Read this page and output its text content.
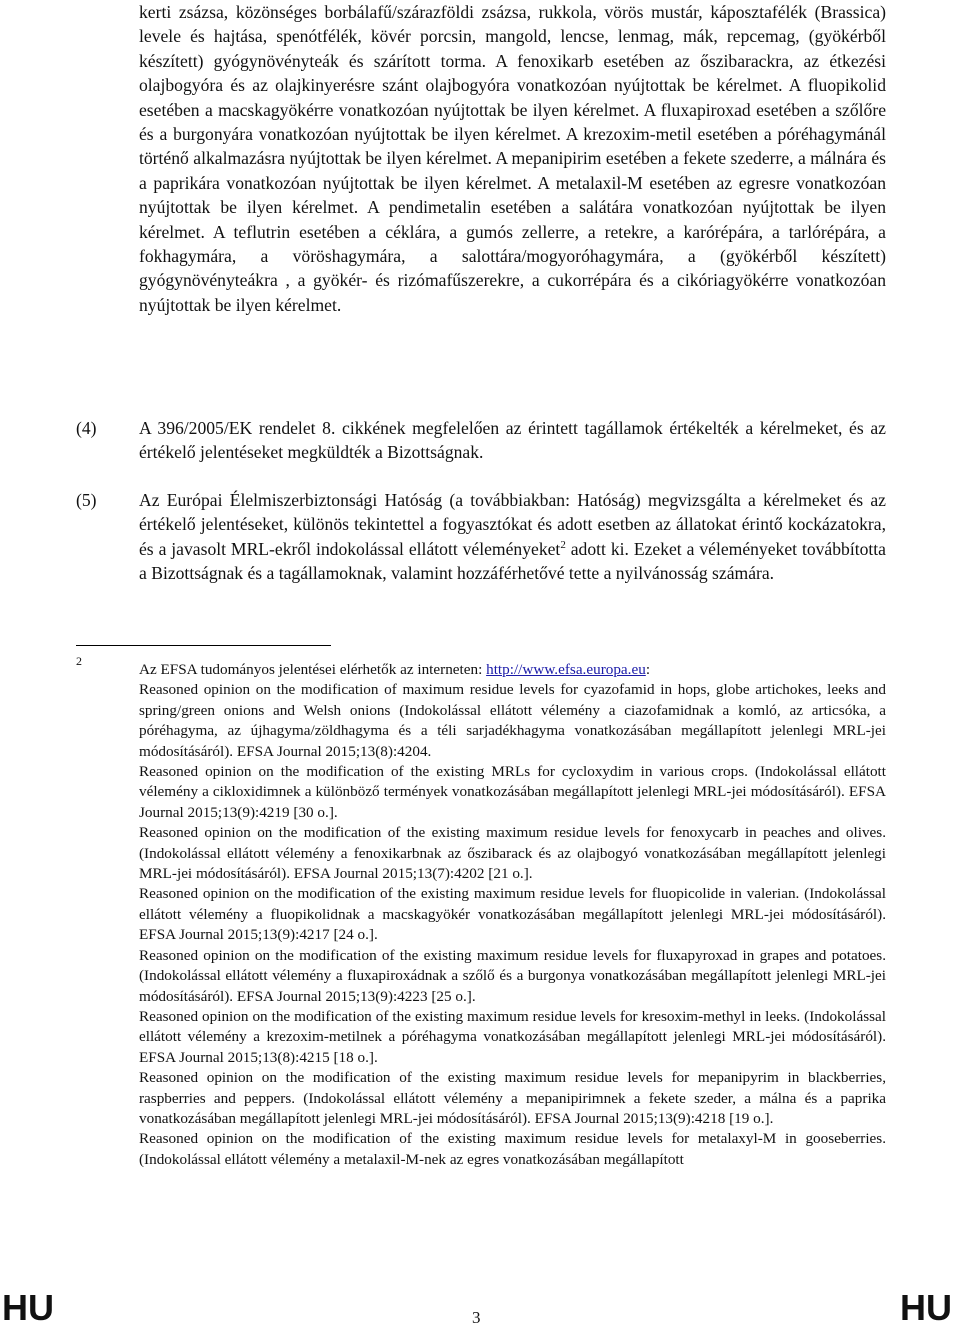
kerti zsázsa, közönséges borbálafű/szárazföldi zsázsa, rukkola, vörös mustár, káposztafélék (Brassica) levele és hajtása, spenótfélék, kövér porcsin, mangold, lencse, lenmag, mák, repcemag, (gyökérből készített) gyógynövényteák és szárított torma. A fenoxikarb esetében az őszibarackra, az étkezési olajbogyóra és az olajkinyerésre szánt olajbogyóra vonatkozóan nyújtottak be kérelmet. A fluopikolid esetében a macskagyökérre vonatkozóan nyújtottak be ilyen kérelmet. A fluxapiroxad esetében a szőlőre és a burgonyára vonatkozóan nyújtottak be ilyen kérelmet. A krezoxim-metil esetében a póréhagymánál történő alkalmazásra nyújtottak be ilyen kérelmet. A mepanipirim esetében a fekete szederre, a málnára és a paprikára vonatkozóan nyújtottak be ilyen kérelmet. A metalaxil-M esetében az egresre vonatkozóan nyújtottak be ilyen kérelmet. A pendimetalin esetében a salátára vonatkozóan nyújtottak be ilyen kérelmet. A teflutrin esetében a céklára, a gumós zellerre, a retekre, a karórépára, a tarlórépára, a fokhagymára, a vöröshagymára, a salottára/mogyoróhagymára, a (gyökérből készített) gyógynövényteákra , a gyökér- és rizómafűszerekre, a cukorrépára és a cikóriagyökérre vonatkozóan nyújtottak be ilyen kérelmet.

(4)	A 396/2005/EK rendelet 8. cikkének megfelelően az érintett tagállamok értékelték a kérelmeket, és az értékelő jelentéseket megküldték a Bizottságnak.
(5)	Az Európai Élelmiszerbiztonsági Hatóság (a továbbiakban: Hatóság) megvizsgálta a kérelmeket és az értékelő jelentéseket, különös tekintettel a fogyasztókat és adott esetben az állatokat érintő kockázatokra, és a javasolt MRL-ekről indokolással ellátott véleményeket$^2$ adott ki. Ezeket a véleményeket továbbította a Bizottságnak és a tagállamoknak, valamint hozzáférhetővé tette a nyilvánosság számára.
2	Az EFSA tudományos jelentései elérhetők az interneten: http://www.efsa.europa.eu:

Reasoned opinion on the modification of maximum residue levels for cyazofamid in hops, globe artichokes, leeks and spring/green onions and Welsh onions (Indokolással ellátott vélemény a ciazofamidnak a komló, az articsóka, a póréhagyma, az újhagyma/zöldhagyma és a téli sarjadékhagyma vonatkozásában megállapított jelenlegi MRL-jei módosításáról). EFSA Journal 2015;13(8):4204.

Reasoned opinion on the modification of the existing MRLs for cycloxydim in various crops. (Indokolással ellátott vélemény a cikloxidimnek a különböző termények vonatkozásában megállapított jelenlegi MRL-jei módosításáról). EFSA Journal 2015;13(9):4219 [30 o.].

Reasoned opinion on the modification of the existing maximum residue levels for fenoxycarb in peaches and olives. (Indokolással ellátott vélemény a fenoxikarbnak az őszibarack és az olajbogyó vonatkozásában megállapított jelenlegi MRL-jei módosításáról). EFSA Journal 2015;13(7):4202 [21 o.].

Reasoned opinion on the modification of the existing maximum residue levels for fluopicolide in valerian. (Indokolással ellátott vélemény a fluopikolidnak a macskagyökér vonatkozásában megállapított jelenlegi MRL-jei módosításáról). EFSA Journal 2015;13(9):4217 [24 o.].

Reasoned opinion on the modification of the existing maximum residue levels for fluxapyroxad in grapes and potatoes. (Indokolással ellátott vélemény a fluxapiroxádnak a szőlő és a burgonya vonatkozásában megállapított jelenlegi MRL-jei módosításáról). EFSA Journal 2015;13(9):4223 [25 o.].

Reasoned opinion on the modification of the existing maximum residue levels for kresoxim-methyl in leeks. (Indokolással ellátott vélemény a krezoxim-metilnek a póréhagyma vonatkozásában megállapított jelenlegi MRL-jei módosításáról). EFSA Journal 2015;13(8):4215 [18 o.].

Reasoned opinion on the modification of the existing maximum residue levels for mepanipyrim in blackberries, raspberries and peppers. (Indokolással ellátott vélemény a mepanipirimnek a fekete szeder, a málna és a paprika vonatkozásában megállapított jelenlegi MRL-jei módosításáról). EFSA Journal 2015;13(9):4218 [19 o.].

Reasoned opinion on the modification of the existing maximum residue levels for metalaxyl-M in gooseberries. (Indokolással ellátott vélemény a metalaxil-M-nek az egres vonatkozásában megállapított

HU	3	HU
